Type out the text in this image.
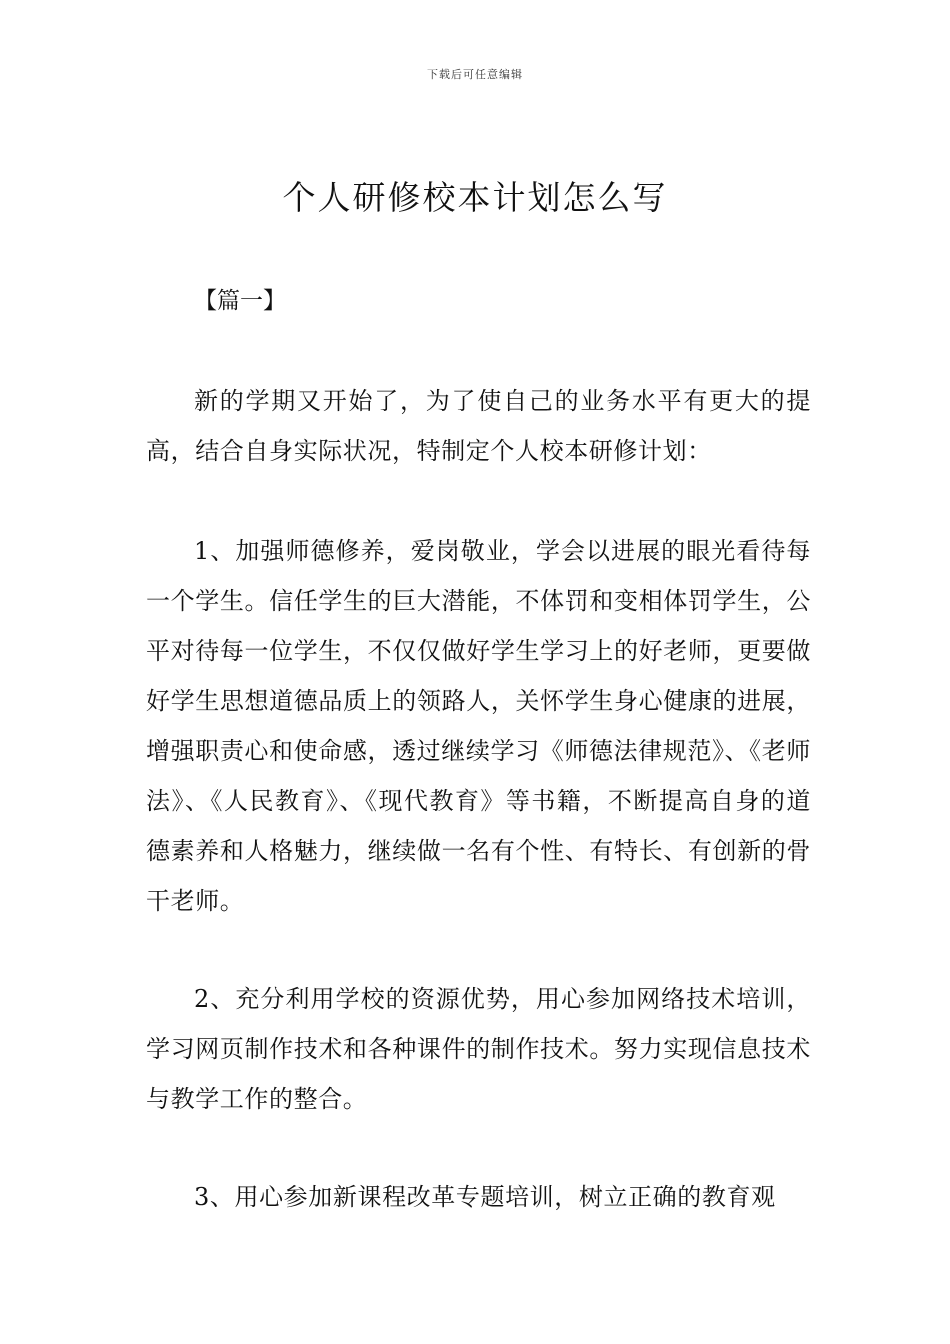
下载后可任意编辑
个人研修校本计划怎么写
【篇一】

新的学期又开始了，为了使自己的业务水平有更大的提高，结合自身实际状况，特制定个人校本研修计划：

1、加强师德修养，爱岗敬业，学会以进展的眼光看待每一个学生。信任学生的巨大潜能，不体罚和变相体罚学生，公平对待每一位学生，不仅仅做好学生学习上的好老师，更要做好学生思想道德品质上的领路人，关怀学生身心健康的进展，增强职责心和使命感，透过继续学习《师德法律规范》、《老师法》、《人民教育》、《现代教育》等书籍，不断提高自身的道德素养和人格魅力，继续做一名有个性、有特长、有创新的骨干老师。

2、充分利用学校的资源优势，用心参加网络技术培训，学习网页制作技术和各种课件的制作技术。努力实现信息技术与教学工作的整合。

3、用心参加新课程改革专题培训，树立正确的教育观
